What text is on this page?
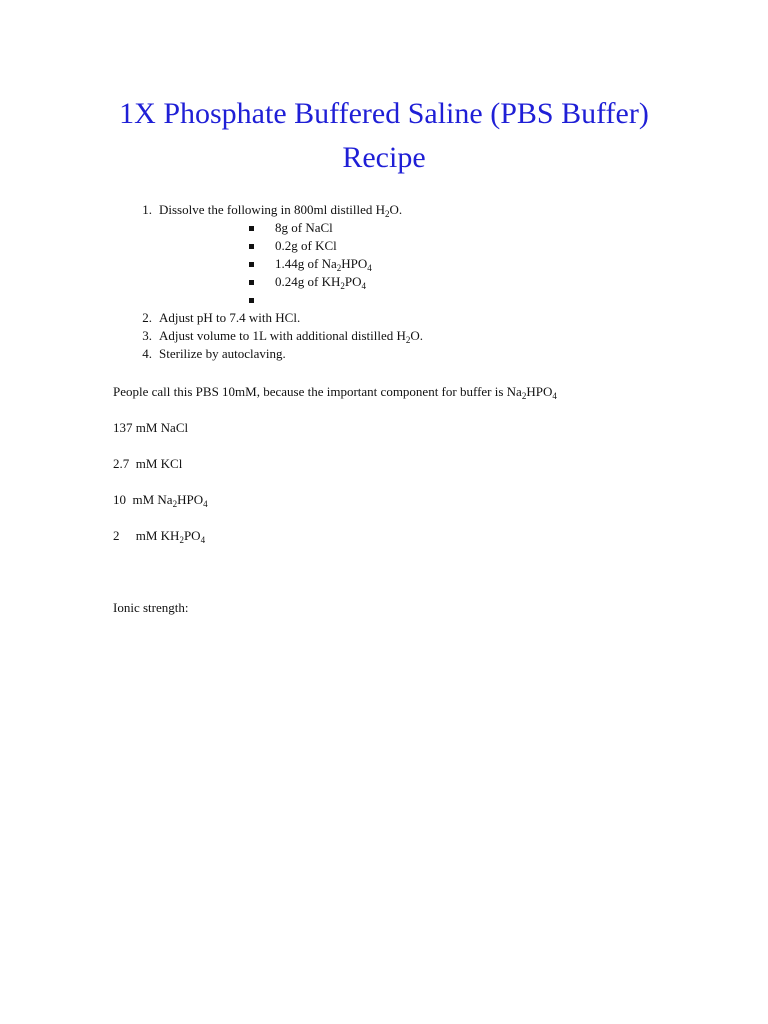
1X Phosphate Buffered Saline (PBS Buffer)
Recipe
1. Dissolve the following in 800ml distilled $H_2O$.
8g of NaCl
0.2g of KCl
1.44g of $Na_2HPO_4$
0.24g of $KH_2PO_4$
2. Adjust pH to 7.4 with HCl.
3. Adjust volume to 1L with additional distilled $H_2O$.
4. Sterilize by autoclaving.

People call this PBS 10mM, because the important component for buffer is $Na_2HPO_4$

137 mM NaCl

2.7 mM KCl

10 mM $Na_2HPO_4$

2 mM $KH_2PO_4$

Ionic strength:
